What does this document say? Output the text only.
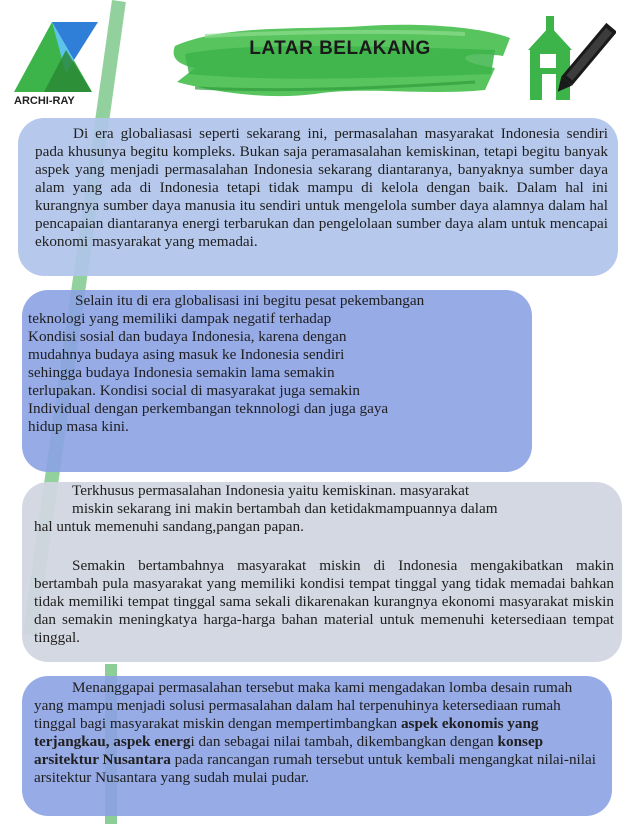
ARCHI-RAY
LATAR BELAKANG

Di era globaliasasi seperti sekarang ini, permasalahan masyarakat Indonesia sendiri pada khusunya begitu kompleks. Bukan saja peramasalahan kemiskinan, tetapi begitu banyak aspek yang menjadi permasalahan Indonesia sekarang diantaranya, banyaknya sumber daya alam yang ada di Indonesia tetapi tidak mampu di kelola dengan baik. Dalam hal ini kurangnya sumber daya manusia itu sendiri untuk mengelola sumber daya alamnya dalam hal pencapaian diantaranya energi terbarukan dan pengelolaan sumber daya alam untuk mencapai ekonomi masyarakat yang memadai.

Selain itu di era globalisasi ini begitu pesat pekembangan
teknologi yang memiliki dampak negatif terhadap
Kondisi sosial dan budaya Indonesia, karena dengan
mudahnya budaya asing masuk ke Indonesia sendiri
sehingga budaya Indonesia semakin lama semakin
terlupakan. Kondisi social di masyarakat juga semakin
Individual dengan perkembangan teknnologi dan juga gaya
hidup masa kini.
Terkhusus permasalahan Indonesia yaitu kemiskinan. masyarakat
miskin sekarang ini makin bertambah dan ketidakmampuannya dalam
hal untuk memenuhi sandang,pangan papan.

Semakin bertambahnya masyarakat miskin di Indonesia mengakibatkan makin bertambah pula masyarakat yang memiliki kondisi tempat tinggal yang tidak memadai bahkan tidak memiliki tempat tinggal sama sekali dikarenakan kurangnya ekonomi masyarakat miskin dan semakin meningkatya harga-harga bahan material untuk memenuhi ketersediaan tempat tinggal.

Menanggapai permasalahan tersebut maka kami mengadakan lomba desain rumah yang mampu menjadi solusi permasalahan dalam hal terpenuhinya ketersediaan rumah tinggal bagi masyarakat miskin dengan mempertimbangkan aspek ekonomis yang terjangkau, aspek energi dan sebagai nilai tambah, dikembangkan dengan konsep arsitektur Nusantara pada rancangan rumah tersebut untuk kembali mengangkat nilai-nilai arsitektur Nusantara yang sudah mulai pudar.
